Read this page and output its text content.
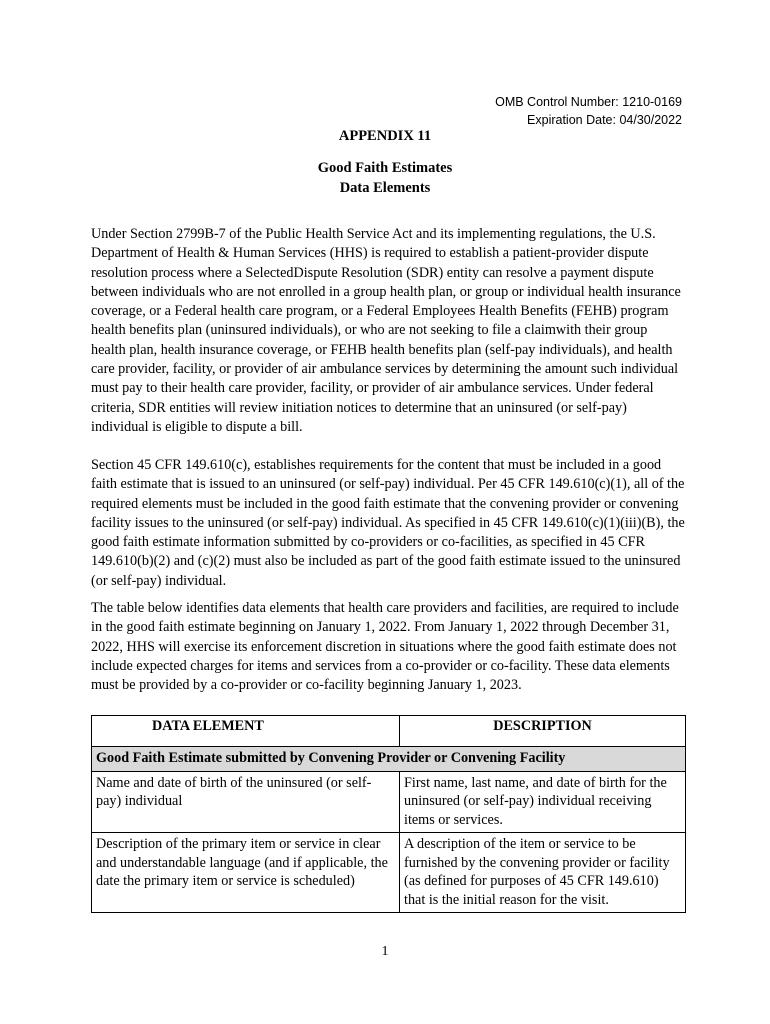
OMB Control Number: 1210-0169
Expiration Date: 04/30/2022
APPENDIX 11
Good Faith Estimates
Data Elements

Under Section 2799B-7 of the Public Health Service Act and its implementing regulations, the U.S. Department of Health & Human Services (HHS) is required to establish a patient-provider dispute resolution process where a SelectedDispute Resolution (SDR) entity can resolve a payment dispute between individuals who are not enrolled in a group health plan, or group or individual health insurance coverage, or a Federal health care program, or a Federal Employees Health Benefits (FEHB) program health benefits plan (uninsured individuals), or who are not seeking to file a claimwith their group health plan, health insurance coverage, or FEHB health benefits plan (self-pay individuals), and health care provider, facility, or provider of air ambulance services by determining the amount such individual must pay to their health care provider, facility, or provider of air ambulance services. Under federal criteria, SDR entities will review initiation notices to determine that an uninsured (or self-pay) individual is eligible to dispute a bill.

Section 45 CFR 149.610(c), establishes requirements for the content that must be included in a good faith estimate that is issued to an uninsured (or self-pay) individual. Per 45 CFR 149.610(c)(1), all of the required elements must be included in the good faith estimate that the convening provider or convening facility issues to the uninsured (or self-pay) individual. As specified in 45 CFR 149.610(c)(1)(iii)(B), the good faith estimate information submitted by co-providers or co-facilities, as specified in 45 CFR 149.610(b)(2) and (c)(2) must also be included as part of the good faith estimate issued to the uninsured (or self-pay) individual.

The table below identifies data elements that health care providers and facilities, are required to include in the good faith estimate beginning on January 1, 2022. From January 1, 2022 through December 31, 2022, HHS will exercise its enforcement discretion in situations where the good faith estimate does not include expected charges for items and services from a co-provider or co-facility. These data elements must be provided by a co-provider or co-facility beginning January 1, 2023.

DATA ELEMENT	DESCRIPTION
Good Faith Estimate submitted by Convening Provider or Convening Facility	
Name and date of birth of the uninsured (or self-pay) individual	First name, last name, and date of birth for the uninsured (or self-pay) individual receiving items or services.
Description of the primary item or service in clear and understandable language (and if applicable, the date the primary item or service is scheduled)	A description of the item or service to be furnished by the convening provider or facility (as defined for purposes of 45 CFR 149.610) that is the initial reason for the visit.
1
